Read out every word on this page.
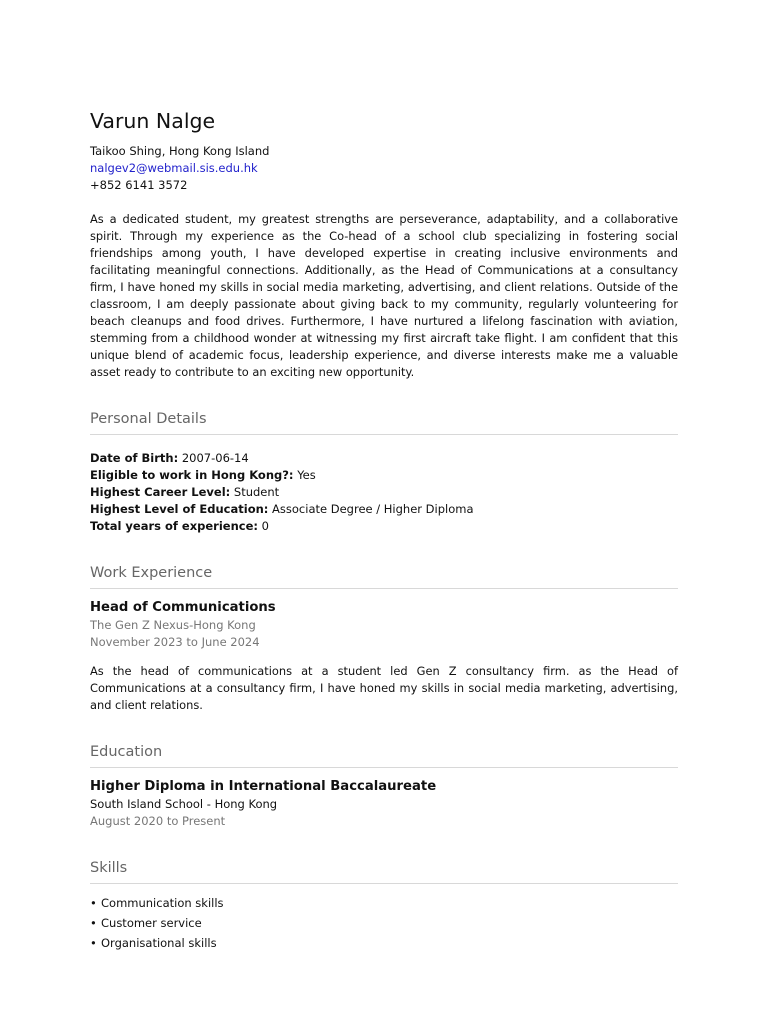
Varun Nalge
Taikoo Shing, Hong Kong Island
nalgev2@webmail.sis.edu.hk
+852 6141 3572
As a dedicated student, my greatest strengths are perseverance, adaptability, and a collaborative spirit. Through my experience as the Co-head of a school club specializing in fostering social friendships among youth, I have developed expertise in creating inclusive environments and facilitating meaningful connections. Additionally, as the Head of Communications at a consultancy firm, I have honed my skills in social media marketing, advertising, and client relations. Outside of the classroom, I am deeply passionate about giving back to my community, regularly volunteering for beach cleanups and food drives. Furthermore, I have nurtured a lifelong fascination with aviation, stemming from a childhood wonder at witnessing my first aircraft take flight. I am confident that this unique blend of academic focus, leadership experience, and diverse interests make me a valuable asset ready to contribute to an exciting new opportunity.
Personal Details
Date of Birth: 2007-06-14
Eligible to work in Hong Kong?: Yes
Highest Career Level: Student
Highest Level of Education: Associate Degree / Higher Diploma
Total years of experience: 0
Work Experience
Head of Communications
The Gen Z Nexus-Hong Kong
November 2023 to June 2024
As the head of communications at a student led Gen Z consultancy firm. as the Head of Communications at a consultancy firm, I have honed my skills in social media marketing, advertising, and client relations.
Education
Higher Diploma in International Baccalaureate
South Island School - Hong Kong
August 2020 to Present
Skills
• Communication skills
• Customer service
• Organisational skills
